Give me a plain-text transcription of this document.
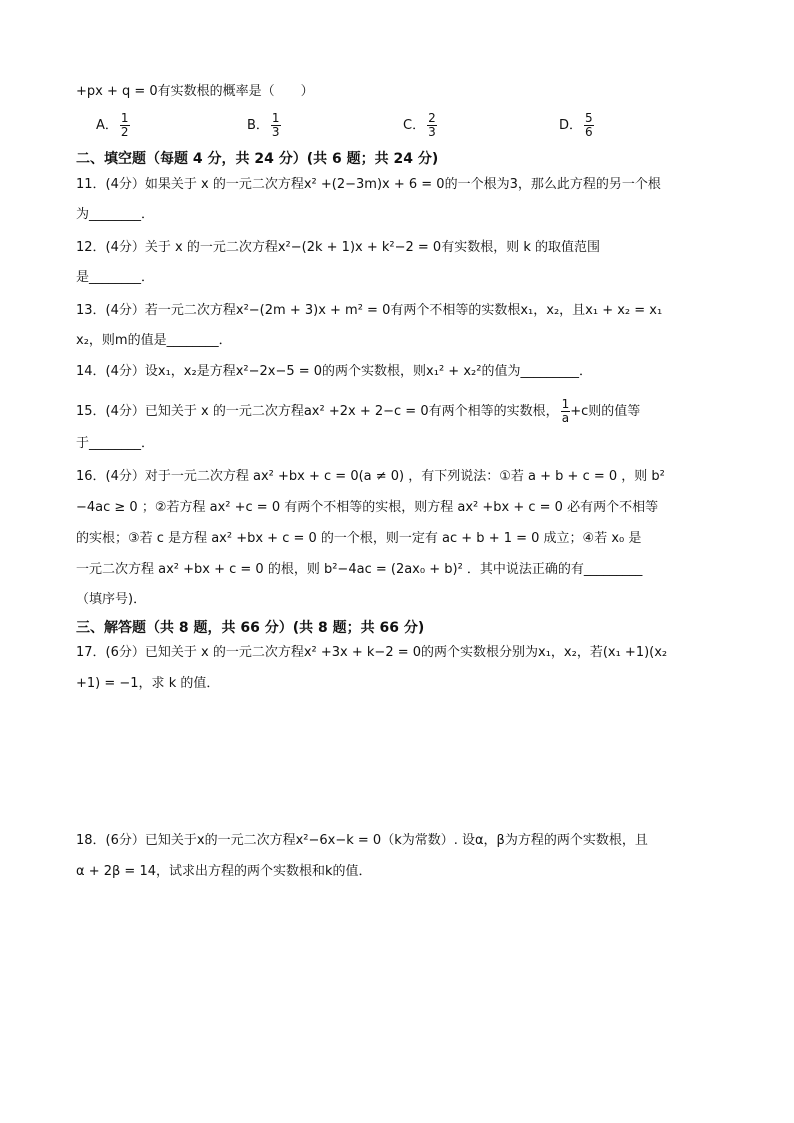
+px + q = 0有实数根的概率是（　　）
A． $\frac{1}{2}$	B． $\frac{1}{3}$	C． $\frac{2}{3}$	D． $\frac{5}{6}$
二、填空题（每题 4 分，共 24 分）(共 6 题；共 24 分)
11．(4分）如果关于 x 的一元二次方程x² +(2−3m)x + 6 = 0的一个根为3，那么此方程的另一个根
为________．
12．(4分）关于 x 的一元二次方程x²−(2k + 1)x + k²−2 = 0有实数根，则 k 的取值范围
是________．
13．(4分）若一元二次方程x²−(2m + 3)x + m² = 0有两个不相等的实数根x₁，x₂，且x₁ + x₂ = x₁
x₂，则m的值是________．
14．(4分）设x₁，x₂是方程x²−2x−5 = 0的两个实数根，则x₁² + x₂²的值为_________．
15．(4分）已知关于 x 的一元二次方程ax² +2x + 2−c = 0有两个相等的实数根， $\frac{1}{a} +c$则的值等
于________．
16．(4分）对于一元二次方程 ax² +bx + c = 0(a ≠ 0) ，有下列说法：①若 a + b + c = 0 ，则 b²
−4ac ≥ 0 ；②若方程 ax² +c = 0 有两个不相等的实根，则方程 ax² +bx + c = 0 必有两个不相等
的实根；③若 c 是方程 ax² +bx + c = 0 的一个根，则一定有 ac + b + 1 = 0 成立；④若 x₀ 是
一元二次方程 ax² +bx + c = 0 的根，则 b²−4ac = (2ax₀ + b)² ．其中说法正确的有_________
（填序号)．
三、解答题（共 8 题，共 66 分）(共 8 题；共 66 分)
17．(6分）已知关于 x 的一元二次方程x² +3x + k−2 = 0的两个实数根分别为x₁，x₂，若(x₁ +1)(x₂
+1) = −1，求 k 的值．
18．(6分）已知关于x的一元二次方程x²−6x−k = 0（k为常数）. 设α，β为方程的两个实数根，且
α + 2β = 14，试求出方程的两个实数根和k的值．
